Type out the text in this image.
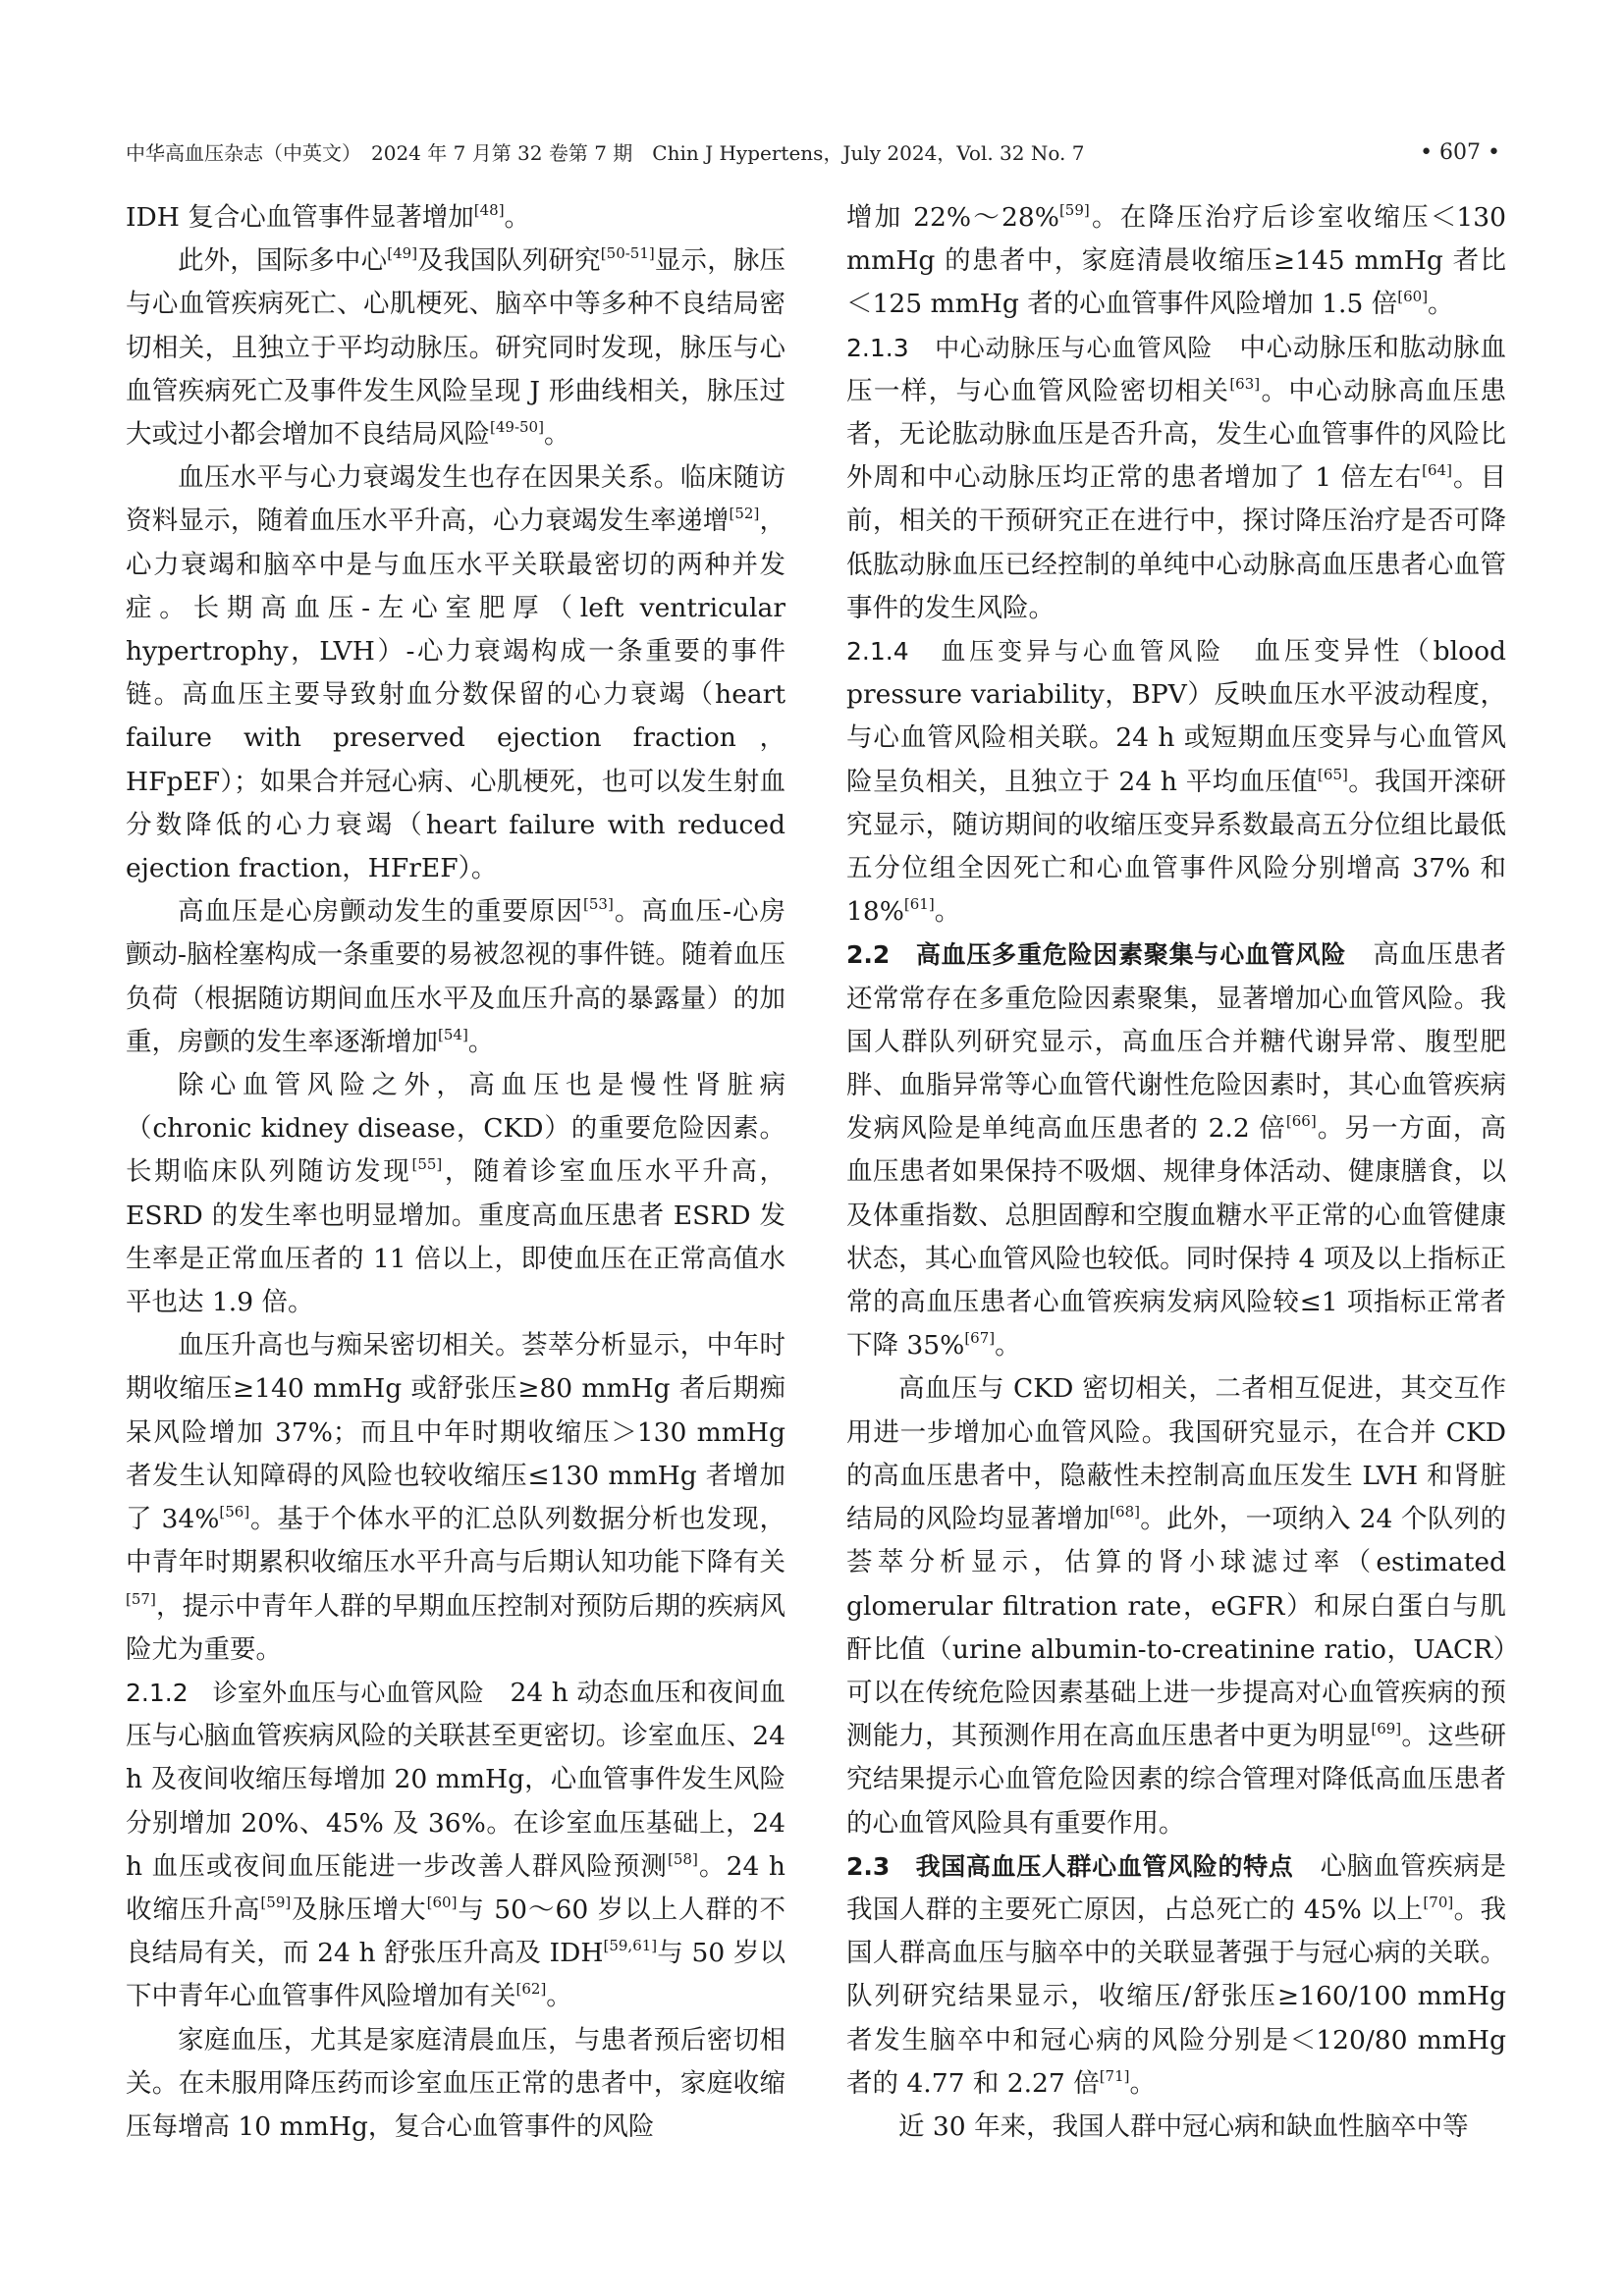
中华高血压杂志（中英文）　2024 年 7 月第 32 卷第 7 期　Chin J Hypertens，July 2024，Vol. 32 No. 7	• 607 •

IDH 复合心血管事件显著增加[48]。

此外，国际多中心[49]及我国队列研究[50-51]显示，脉压与心血管疾病死亡、心肌梗死、脑卒中等多种不良结局密切相关，且独立于平均动脉压。研究同时发现，脉压与心血管疾病死亡及事件发生风险呈现 J 形曲线相关，脉压过大或过小都会增加不良结局风险[49-50]。

血压水平与心力衰竭发生也存在因果关系。临床随访资料显示，随着血压水平升高，心力衰竭发生率递增[52]，心力衰竭和脑卒中是与血压水平关联最密切的两种并发症。长期高血压-左心室肥厚（left ventricular hypertrophy，LVH）-心力衰竭构成一条重要的事件链。高血压主要导致射血分数保留的心力衰竭（heart failure with preserved ejection fraction，HFpEF）；如果合并冠心病、心肌梗死，也可以发生射血分数降低的心力衰竭（heart failure with reduced ejection fraction，HFrEF）。

高血压是心房颤动发生的重要原因[53]。高血压-心房颤动-脑栓塞构成一条重要的易被忽视的事件链。随着血压负荷（根据随访期间血压水平及血压升高的暴露量）的加重，房颤的发生率逐渐增加[54]。

除心血管风险之外，高血压也是慢性肾脏病（chronic kidney disease，CKD）的重要危险因素。长期临床队列随访发现[55]，随着诊室血压水平升高，ESRD 的发生率也明显增加。重度高血压患者 ESRD 发生率是正常血压者的 11 倍以上，即使血压在正常高值水平也达 1.9 倍。

血压升高也与痴呆密切相关。荟萃分析显示，中年时期收缩压≥140 mmHg 或舒张压≥80 mmHg 者后期痴呆风险增加 37%；而且中年时期收缩压＞130 mmHg 者发生认知障碍的风险也较收缩压≤130 mmHg 者增加了 34%[56]。基于个体水平的汇总队列数据分析也发现，中青年时期累积收缩压水平升高与后期认知功能下降有关[57]，提示中青年人群的早期血压控制对预防后期的疾病风险尤为重要。

2.1.2　诊室外血压与心血管风险　24 h 动态血压和夜间血压与心脑血管疾病风险的关联甚至更密切。诊室血压、24 h 及夜间收缩压每增加 20 mmHg，心血管事件发生风险分别增加 20%、45% 及 36%。在诊室血压基础上，24 h 血压或夜间血压能进一步改善人群风险预测[58]。24 h 收缩压升高[59]及脉压增大[60]与 50～60 岁以上人群的不良结局有关，而 24 h 舒张压升高及 IDH[59,61]与 50 岁以下中青年心血管事件风险增加有关[62]。

家庭血压，尤其是家庭清晨血压，与患者预后密切相关。在未服用降压药而诊室血压正常的患者中，家庭收缩压每增高 10 mmHg，复合心血管事件的风险

增加 22%～28%[59]。在降压治疗后诊室收缩压＜130 mmHg 的患者中，家庭清晨收缩压≥145 mmHg 者比＜125 mmHg 者的心血管事件风险增加 1.5 倍[60]。

2.1.3　中心动脉压与心血管风险　中心动脉压和肱动脉血压一样，与心血管风险密切相关[63]。中心动脉高血压患者，无论肱动脉血压是否升高，发生心血管事件的风险比外周和中心动脉压均正常的患者增加了 1 倍左右[64]。目前，相关的干预研究正在进行中，探讨降压治疗是否可降低肱动脉血压已经控制的单纯中心动脉高血压患者心血管事件的发生风险。

2.1.4　血压变异与心血管风险　血压变异性（blood pressure variability，BPV）反映血压水平波动程度，与心血管风险相关联。24 h 或短期血压变异与心血管风险呈负相关，且独立于 24 h 平均血压值[65]。我国开滦研究显示，随访期间的收缩压变异系数最高五分位组比最低五分位组全因死亡和心血管事件风险分别增高 37% 和 18%[61]。

2.2　高血压多重危险因素聚集与心血管风险　高血压患者还常常存在多重危险因素聚集，显著增加心血管风险。我国人群队列研究显示，高血压合并糖代谢异常、腹型肥胖、血脂异常等心血管代谢性危险因素时，其心血管疾病发病风险是单纯高血压患者的 2.2 倍[66]。另一方面，高血压患者如果保持不吸烟、规律身体活动、健康膳食，以及体重指数、总胆固醇和空腹血糖水平正常的心血管健康状态，其心血管风险也较低。同时保持 4 项及以上指标正常的高血压患者心血管疾病发病风险较≤1 项指标正常者下降 35%[67]。

高血压与 CKD 密切相关，二者相互促进，其交互作用进一步增加心血管风险。我国研究显示，在合并 CKD 的高血压患者中，隐蔽性未控制高血压发生 LVH 和肾脏结局的风险均显著增加[68]。此外，一项纳入 24 个队列的荟萃分析显示，估算的肾小球滤过率（estimated glomerular filtration rate，eGFR）和尿白蛋白与肌酐比值（urine albumin-to-creatinine ratio，UACR）可以在传统危险因素基础上进一步提高对心血管疾病的预测能力，其预测作用在高血压患者中更为明显[69]。这些研究结果提示心血管危险因素的综合管理对降低高血压患者的心血管风险具有重要作用。

2.3　我国高血压人群心血管风险的特点　心脑血管疾病是我国人群的主要死亡原因，占总死亡的 45% 以上[70]。我国人群高血压与脑卒中的关联显著强于与冠心病的关联。队列研究结果显示，收缩压/舒张压≥160/100 mmHg 者发生脑卒中和冠心病的风险分别是＜120/80 mmHg 者的 4.77 和 2.27 倍[71]。

近 30 年来，我国人群中冠心病和缺血性脑卒中等
